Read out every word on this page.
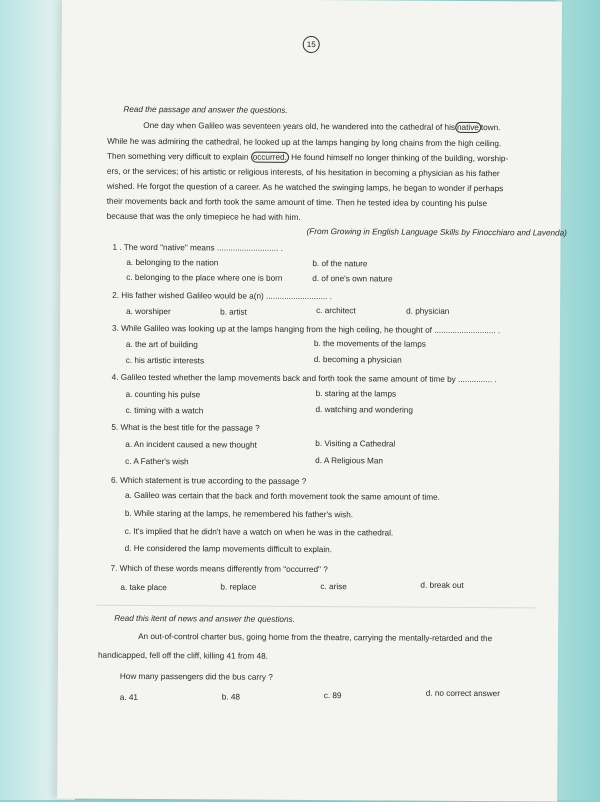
15
Read the passage and answer the questions.
One day when Galileo was seventeen years old, he wandered into the cathedral of his native town.
While he was admiring the cathedral, he looked up at the lamps hanging by long chains from the high ceiling.
Then something very difficult to explain occurred. He found himself no longer thinking of the building, worship-
ers, or the services; of his artistic or religious interests, of his hesitation in becoming a physician as his father
wished. He forgot the question of a career. As he watched the swinging lamps, he began to wonder if perhaps
their movements back and forth took the same amount of time. Then he tested idea by counting his pulse
because that was the only timepiece he had with him.
(From Growing in English Language Skills by Finocchiaro and Lavenda)
1 . The word "native" means ........................... .
a. belonging to the nation	b. of the nature
c. belonging to the place where one is born	d. of one's own nature
2. His father wished Galileo would be a(n) ........................... .
a. worshiper	b. artist	c. architect	d. physician
3. While Galileo was looking up at the lamps hanging from the high ceiling, he thought of ........................... .
a. the art of building	b. the movements of the lamps
c. his artistic interests	d. becoming a physician
4. Galileo tested whether the lamp movements back and forth took the same amount of time by ............... .
a. counting his pulse	b. staring at the lamps
c. timing with a watch	d. watching and wondering
5. What is the best title for the passage ?
a. An incident caused a new thought	b. Visiting a Cathedral
c. A Father's wish	d. A Religious Man
6. Which statement is true according to the passage ?
a. Galileo was certain that the back and forth movement took the same amount of time.
b. While staring at the lamps, he remembered his father's wish.
c. It's implied that he didn't have a watch on when he was in the cathedral.
d. He considered the lamp movements difficult to explain.
7. Which of these words means differently from "occurred" ?
a. take place	b. replace	c. arise	d. break out
Read this itent of news and answer the questions.
An out-of-control charter bus, going home from the theatre, carrying the mentally-retarded and the
handicapped, fell off the cliff, killing 41 from 48.
How many passengers did the bus carry ?
a. 41	b. 48	c. 89	d. no correct answer
